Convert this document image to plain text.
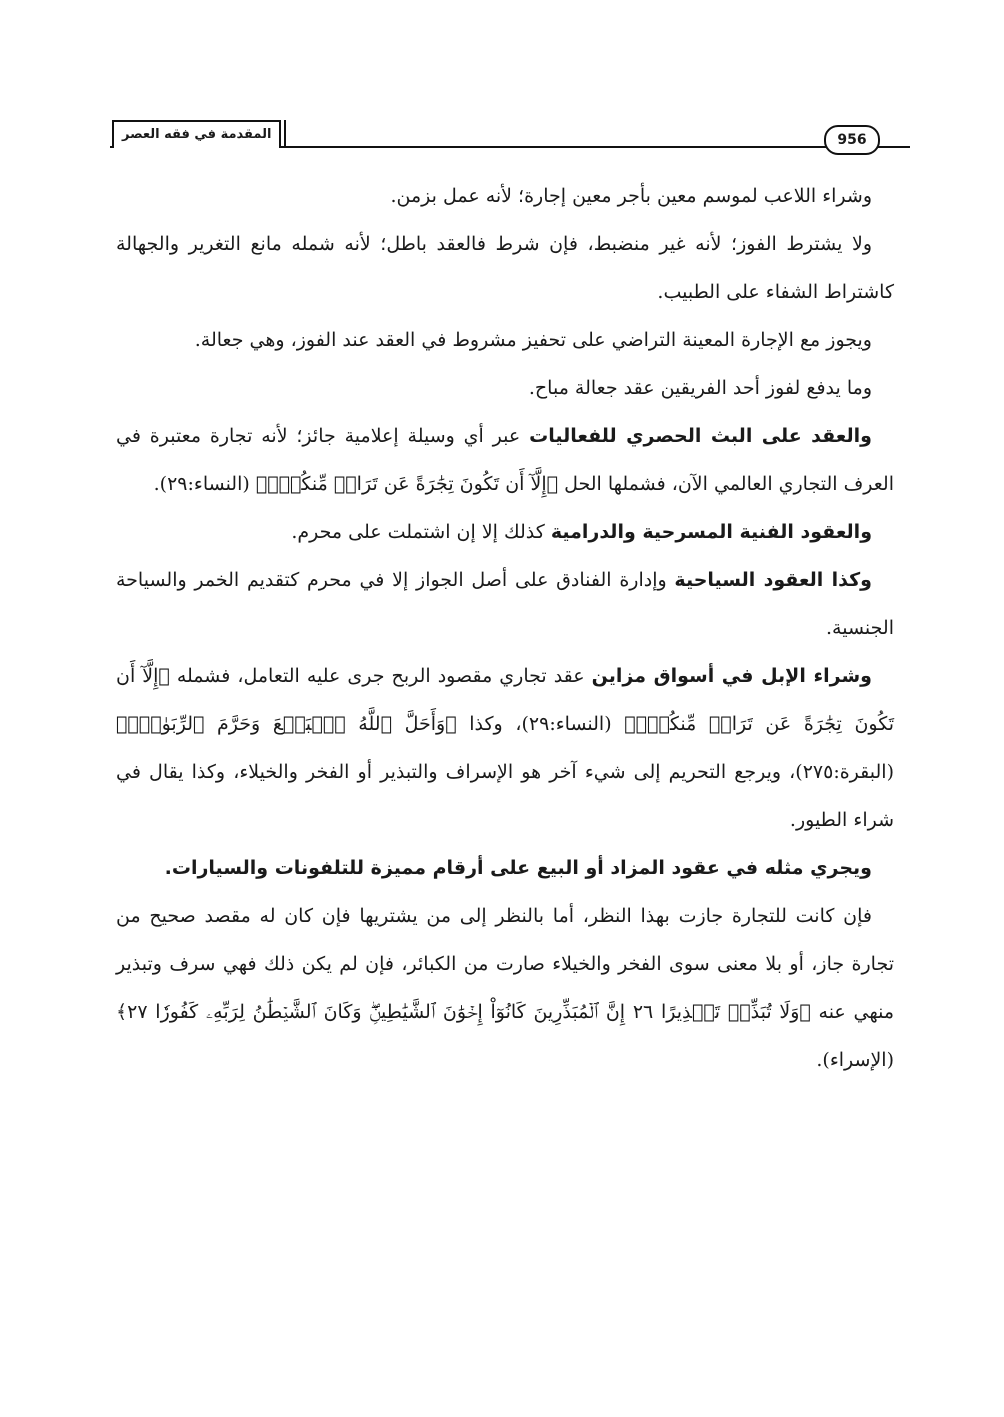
المقدمة في فقه العصر	956

وشراء اللاعب لموسم معين بأجر معين إجارة؛ لأنه عمل بزمن.

ولا يشترط الفوز؛ لأنه غير منضبط، فإن شرط فالعقد باطل؛ لأنه شمله مانع التغرير والجهالة كاشتراط الشفاء على الطبيب.

ويجوز مع الإجارة المعينة التراضي على تحفيز مشروط في العقد عند الفوز، وهي جعالة.

وما يدفع لفوز أحد الفريقين عقد جعالة مباح.

والعقد على البث الحصري للفعاليات عبر أي وسيلة إعلامية جائز؛ لأنه تجارة معتبرة في العرف التجاري العالمي الآن، فشملها الحل ﴿إِلَّآ أَن تَكُونَ تِجَٰرَةً عَن تَرَاضٖ مِّنكُمۡۚ﴾ (النساء:٢٩).

والعقود الفنية المسرحية والدرامية كذلك إلا إن اشتملت على محرم.

وكذا العقود السياحية وإدارة الفنادق على أصل الجواز إلا في محرم كتقديم الخمر والسياحة الجنسية.

وشراء الإبل في أسواق مزاين عقد تجاري مقصود الربح جرى عليه التعامل، فشمله ﴿إِلَّآ أَن تَكُونَ تِجَٰرَةً عَن تَرَاضٖ مِّنكُمۡۚ﴾ (النساء:٢٩)، وكذا ﴿وَأَحَلَّ ٱللَّهُ ٱلۡبَيۡعَ وَحَرَّمَ ٱلرِّبَوٰاْۚ﴾ (البقرة:٢٧٥)، ويرجع التحريم إلى شيء آخر هو الإسراف والتبذير أو الفخر والخيلاء، وكذا يقال في شراء الطيور.

ويجري مثله في عقود المزاد أو البيع على أرقام مميزة للتلفونات والسيارات.

فإن كانت للتجارة جازت بهذا النظر، أما بالنظر إلى من يشتريها فإن كان له مقصد صحيح من تجارة جاز، أو بلا معنى سوى الفخر والخيلاء صارت من الكبائر، فإن لم يكن ذلك فهي سرف وتبذير منهي عنه ﴿وَلَا تُبَذِّرۡ تَبۡذِيرًا ٢٦ إِنَّ ٱلۡمُبَذِّرِينَ كَانُوٓاْ إِخۡوَٰنَ ٱلشَّيَٰطِينِۖ وَكَانَ ٱلشَّيۡطَٰنُ لِرَبِّهِۦ كَفُورٗا ٢٧﴾ (الإسراء).
